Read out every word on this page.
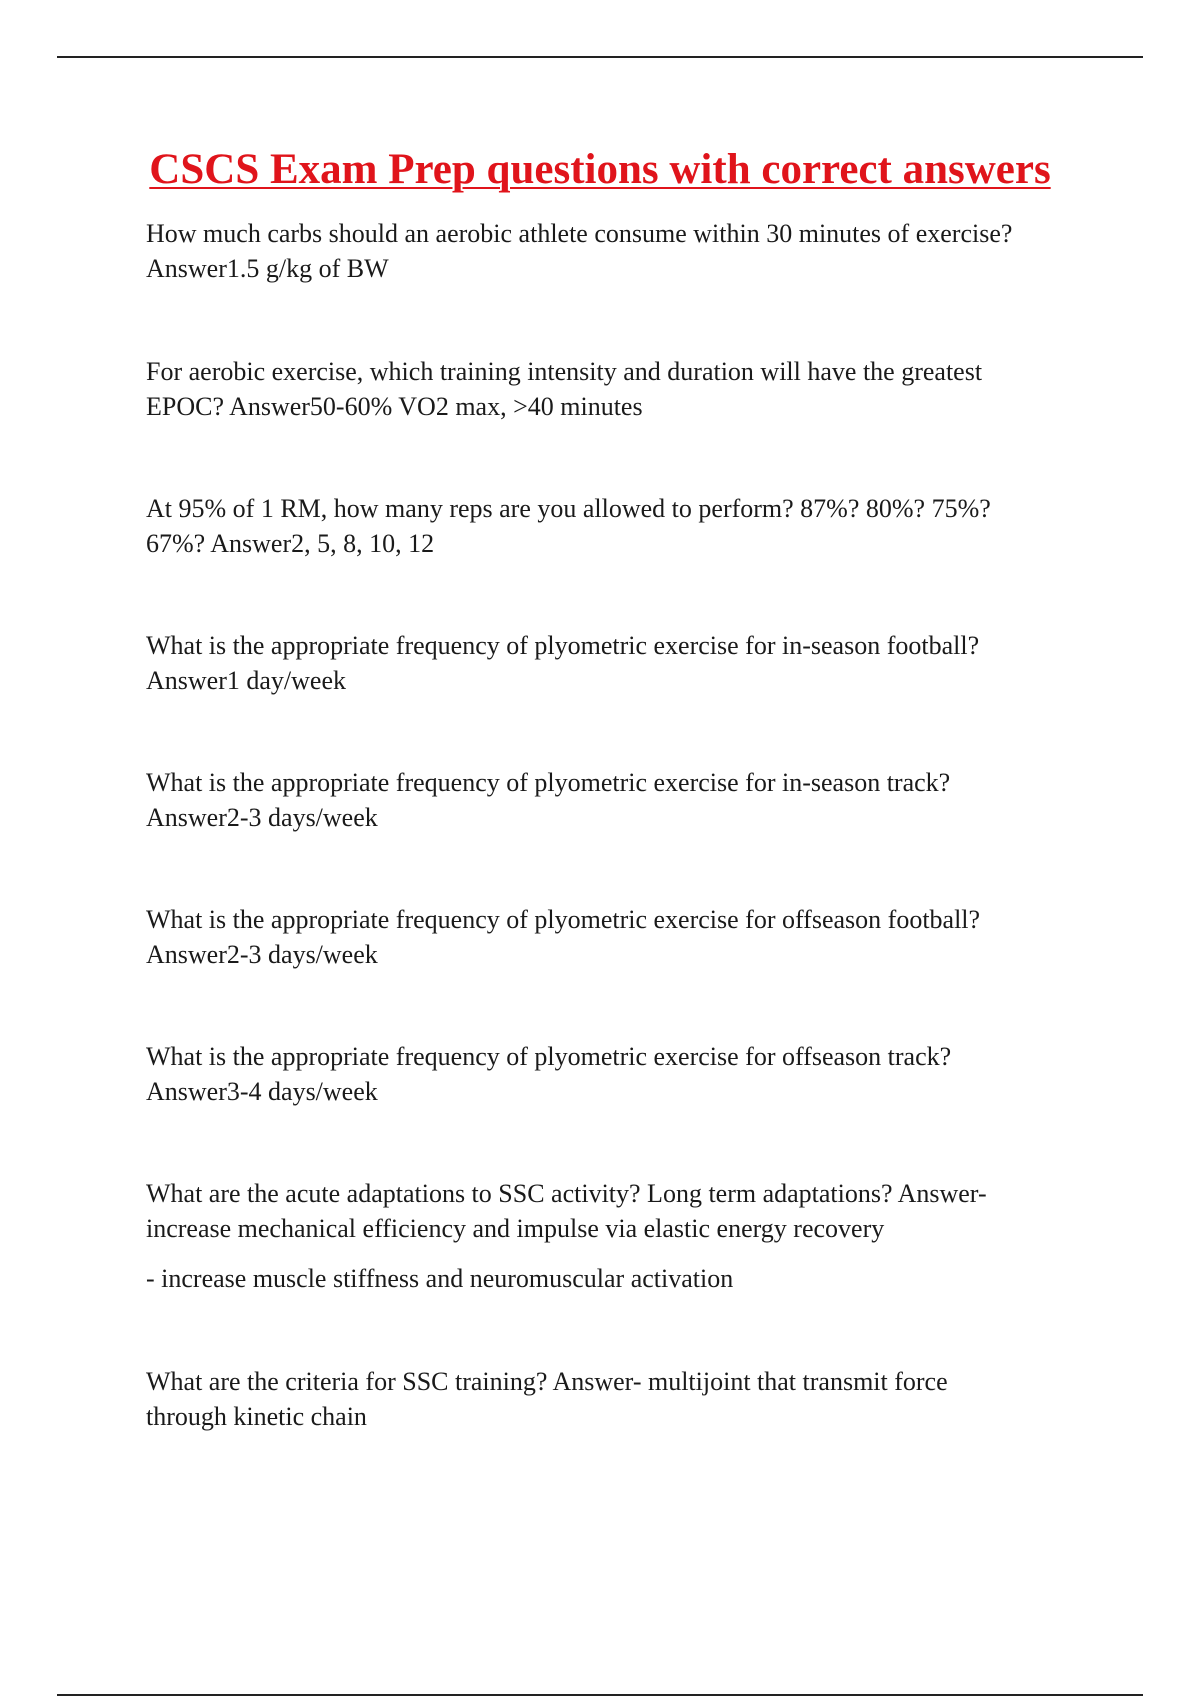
CSCS Exam Prep questions with correct answers

How much carbs should an aerobic athlete consume within 30 minutes of exercise?
Answer1.5 g/kg of BW

For aerobic exercise, which training intensity and duration will have the greatest
EPOC? Answer50-60% VO2 max, >40 minutes

At 95% of 1 RM, how many reps are you allowed to perform? 87%? 80%? 75%?
67%? Answer2, 5, 8, 10, 12

What is the appropriate frequency of plyometric exercise for in-season football?
Answer1 day/week

What is the appropriate frequency of plyometric exercise for in-season track?
Answer2-3 days/week

What is the appropriate frequency of plyometric exercise for offseason football?
Answer2-3 days/week

What is the appropriate frequency of plyometric exercise for offseason track?
Answer3-4 days/week

What are the acute adaptations to SSC activity? Long term adaptations? Answer-
increase mechanical efficiency and impulse via elastic energy recovery
- increase muscle stiffness and neuromuscular activation

What are the criteria for SSC training? Answer- multijoint that transmit force
through kinetic chain
